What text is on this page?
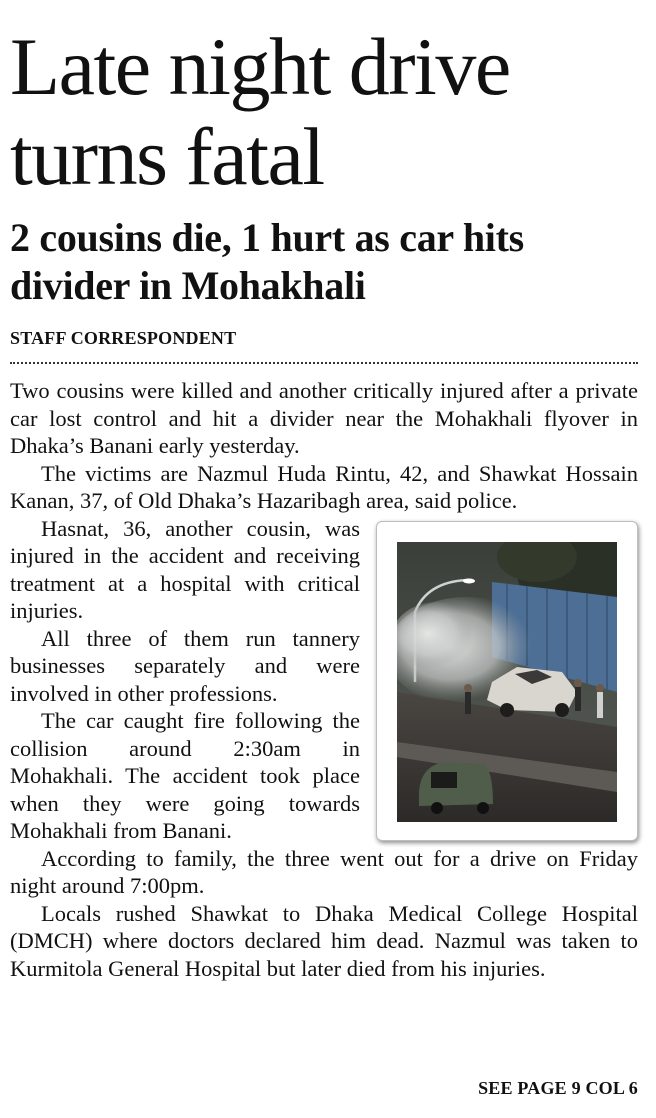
Late night drive
turns fatal
2 cousins die, 1 hurt as car hits
divider in Mohakhali
STAFF CORRESPONDENT

Two cousins were killed and another critically injured after a private car lost control and hit a divider near the Mohakhali flyover in Dhaka’s Banani early yesterday.

The victims are Nazmul Huda Rintu, 42, and Shawkat Hossain Kanan, 37, of Old Dhaka’s Hazaribagh area, said police.

Hasnat, 36, another cousin, was injured in the accident and receiving treatment at a hospital with critical injuries.

All three of them run tannery businesses separately and were involved in other professions.

The car caught fire following the collision around 2:30am in Mohakhali. The accident took place when they were going towards Mohakhali from Banani.

According to family, the three went out for a drive on Friday night around 7:00pm.

Locals rushed Shawkat to Dhaka Medical College Hospital (DMCH) where doctors declared him dead. Nazmul was taken to Kurmitola General Hospital but later died from his injuries.

SEE PAGE 9 COL 6
